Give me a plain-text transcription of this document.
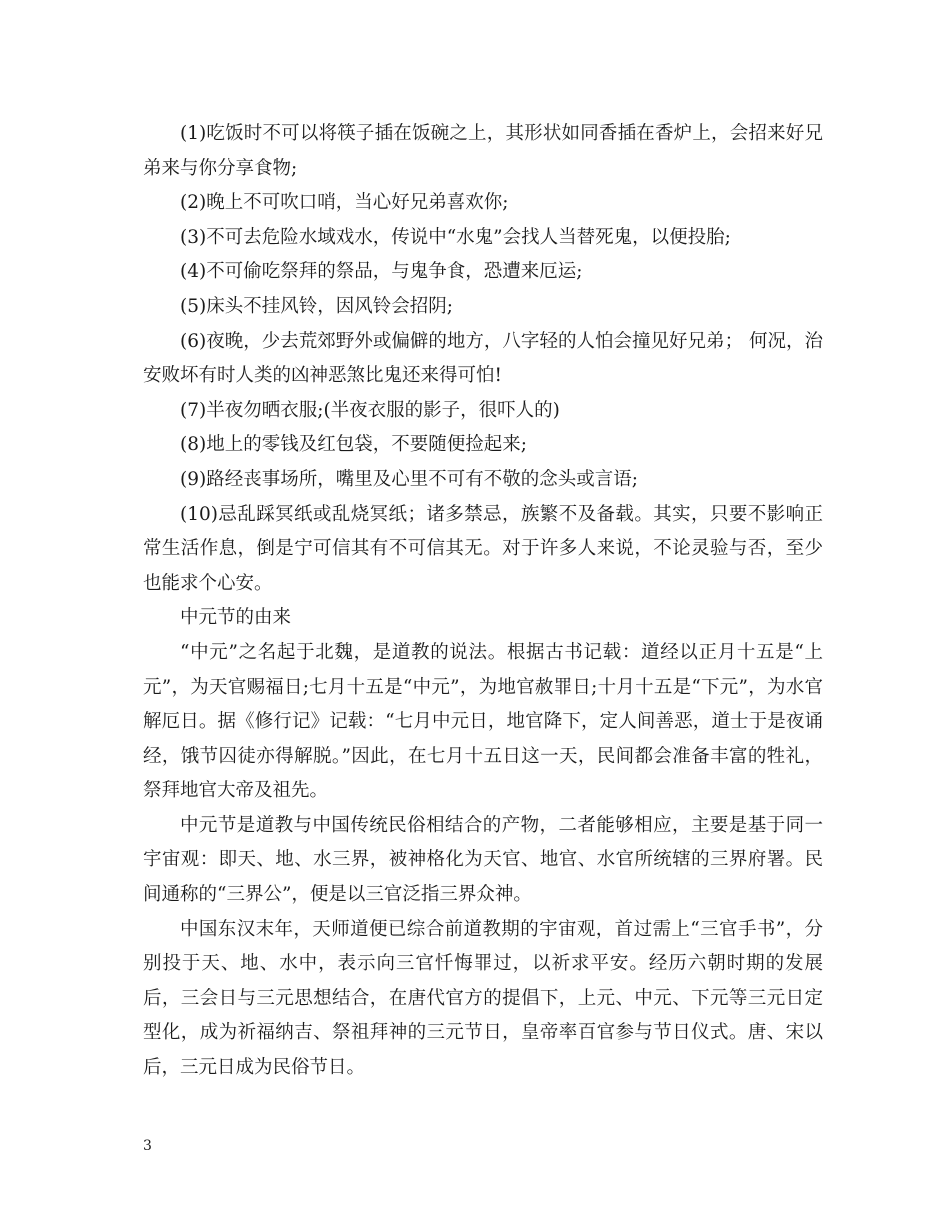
(1)吃饭时不可以将筷子插在饭碗之上，其形状如同香插在香炉上，会招来好兄弟来与你分享食物;

(2)晚上不可吹口哨，当心好兄弟喜欢你;

(3)不可去危险水域戏水，传说中“水鬼”会找人当替死鬼，以便投胎;

(4)不可偷吃祭拜的祭品，与鬼争食，恐遭来厄运;

(5)床头不挂风铃，因风铃会招阴;

(6)夜晚，少去荒郊野外或偏僻的地方，八字轻的人怕会撞见好兄弟； 何况，治安败坏有时人类的凶神恶煞比鬼还来得可怕!

(7)半夜勿晒衣服;(半夜衣服的影子，很吓人的)

(8)地上的零钱及红包袋，不要随便捡起来;

(9)路经丧事场所，嘴里及心里不可有不敬的念头或言语;

(10)忌乱踩冥纸或乱烧冥纸；诸多禁忌，族繁不及备载。其实，只要不影响正常生活作息，倒是宁可信其有不可信其无。对于许多人来说，不论灵验与否，至少也能求个心安。

中元节的由来

“中元”之名起于北魏，是道教的说法。根据古书记载：道经以正月十五是“上元”，为天官赐福日;七月十五是“中元”，为地官赦罪日;十月十五是“下元”，为水官解厄日。据《修行记》记载：“七月中元日，地官降下，定人间善恶，道士于是夜诵经，饿节囚徒亦得解脱。”因此，在七月十五日这一天，民间都会准备丰富的牲礼，祭拜地官大帝及祖先。

中元节是道教与中国传统民俗相结合的产物，二者能够相应，主要是基于同一宇宙观：即天、地、水三界，被神格化为天官、地官、水官所统辖的三界府署。民间通称的“三界公”，便是以三官泛指三界众神。

中国东汉末年，天师道便已综合前道教期的宇宙观，首过需上“三官手书”，分别投于天、地、水中，表示向三官忏悔罪过，以祈求平安。经历六朝时期的发展后，三会日与三元思想结合，在唐代官方的提倡下，上元、中元、下元等三元日定型化，成为祈福纳吉、祭祖拜神的三元节日，皇帝率百官参与节日仪式。唐、宋以后，三元日成为民俗节日。

3
